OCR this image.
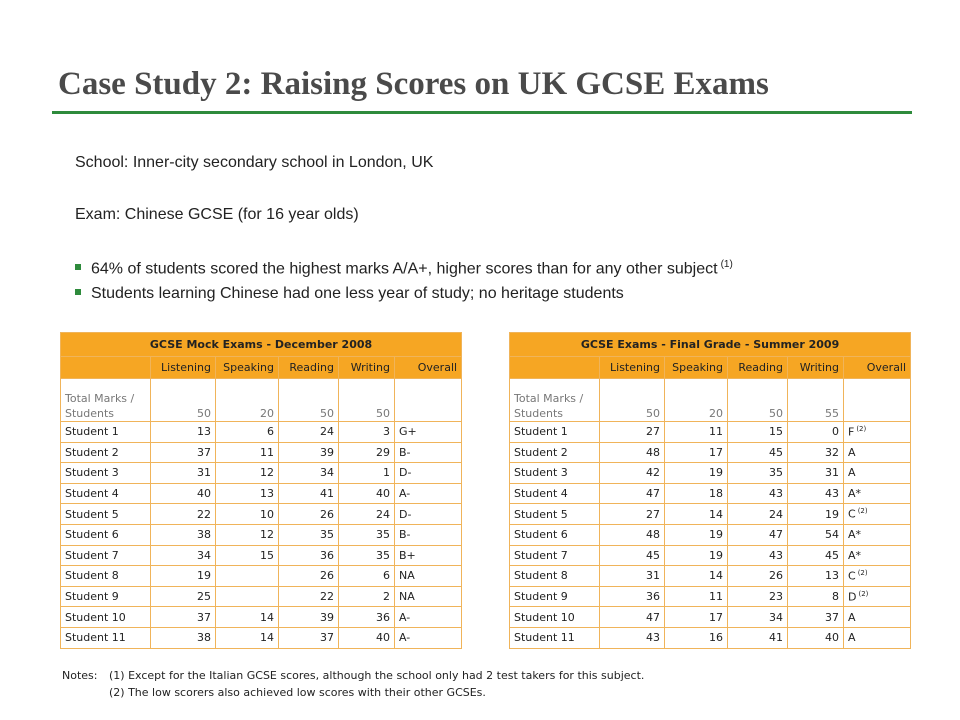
Case Study 2: Raising Scores on UK GCSE Exams
School: Inner-city secondary school in London, UK
Exam: Chinese GCSE (for 16 year olds)
64% of students scored the highest marks A/A+, higher scores than for any other subject $^{(1)}$
Students learning Chinese had one less year of study; no heritage students
GCSE Mock Exams - December 2008					
	Listening	Speaking	Reading	Writing	Overall
Total Marks /
Students	50	20	50	50	
Student 1	13	6	24	3	G+
Student 2	37	11	39	29	B-
Student 3	31	12	34	1	D-
Student 4	40	13	41	40	A-
Student 5	22	10	26	24	D-
Student 6	38	12	35	35	B-
Student 7	34	15	36	35	B+
Student 8	19		26	6	NA
Student 9	25		22	2	NA
Student 10	37	14	39	36	A-
Student 11	38	14	37	40	A-
GCSE Exams - Final Grade - Summer 2009					
	Listening	Speaking	Reading	Writing	Overall
Total Marks /
Students	50	20	50	55	
Student 1	27	11	15	0	F $^{(2)}$
Student 2	48	17	45	32	A
Student 3	42	19	35	31	A
Student 4	47	18	43	43	A*
Student 5	27	14	24	19	C $^{(2)}$
Student 6	48	19	47	54	A*
Student 7	45	19	43	45	A*
Student 8	31	14	26	13	C $^{(2)}$
Student 9	36	11	23	8	D $^{(2)}$
Student 10	47	17	34	37	A
Student 11	43	16	41	40	A
Notes: (1) Except for the Italian GCSE scores, although the school only had 2 test takers for this subject.
(2) The low scorers also achieved low scores with their other GCSEs.
